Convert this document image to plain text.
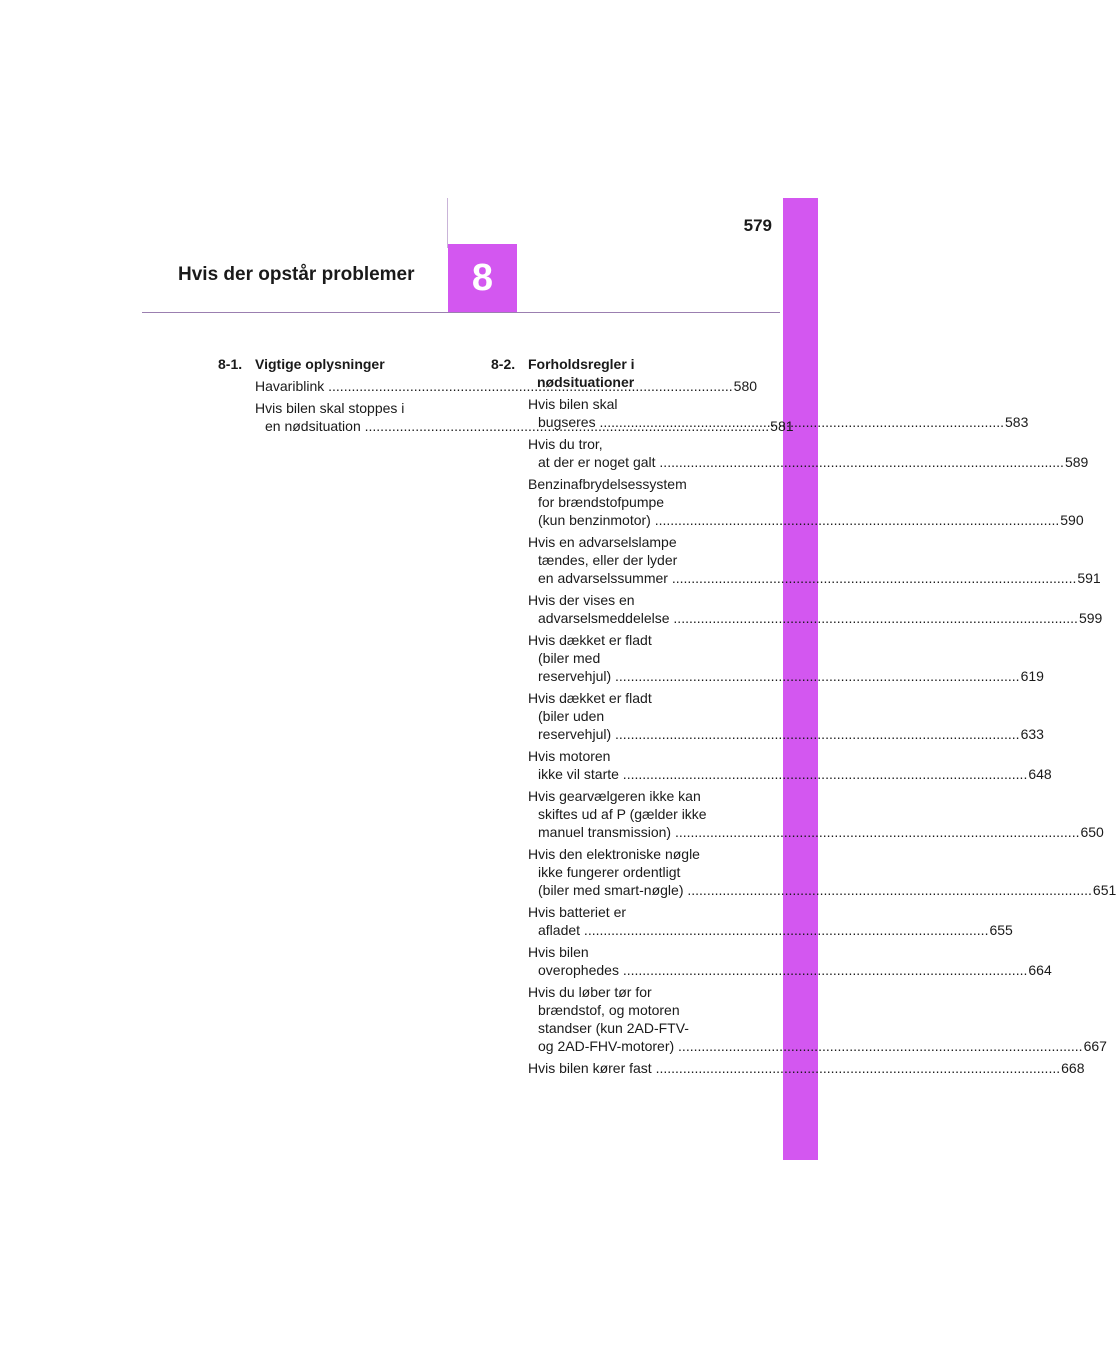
579
Hvis der opstår problemer 8
8-1. Vigtige oplysninger
Havariblink .....	580
Hvis bilen skal stoppes i
en nødsituation .....	581
8-2. Forholdsregler i
nødsituationer
Hvis bilen skal
bugseres .....	583
Hvis du tror,
at der er noget galt .....	589
Benzinafbrydelsessystem
for brændstofpumpe
(kun benzinmotor) .....	590
Hvis en advarselslampe
tændes, eller der lyder
en advarselssummer .....	591
Hvis der vises en
advarselsmeddelelse .....	599
Hvis dækket er fladt
(biler med
reservehjul) .....	619
Hvis dækket er fladt
(biler uden
reservehjul) .....	633
Hvis motoren
ikke vil starte .....	648
Hvis gearvælgeren ikke kan
skiftes ud af P (gælder ikke
manuel transmission) .....	650
Hvis den elektroniske nøgle
ikke fungerer ordentligt
(biler med smart-nøgle) .....	651
Hvis batteriet er
afladet .....	655
Hvis bilen
overophedes .....	664
Hvis du løber tør for
brændstof, og motoren
standser (kun 2AD-FTV-
og 2AD-FHV-motorer) .....	667
Hvis bilen kører fast .....	668
